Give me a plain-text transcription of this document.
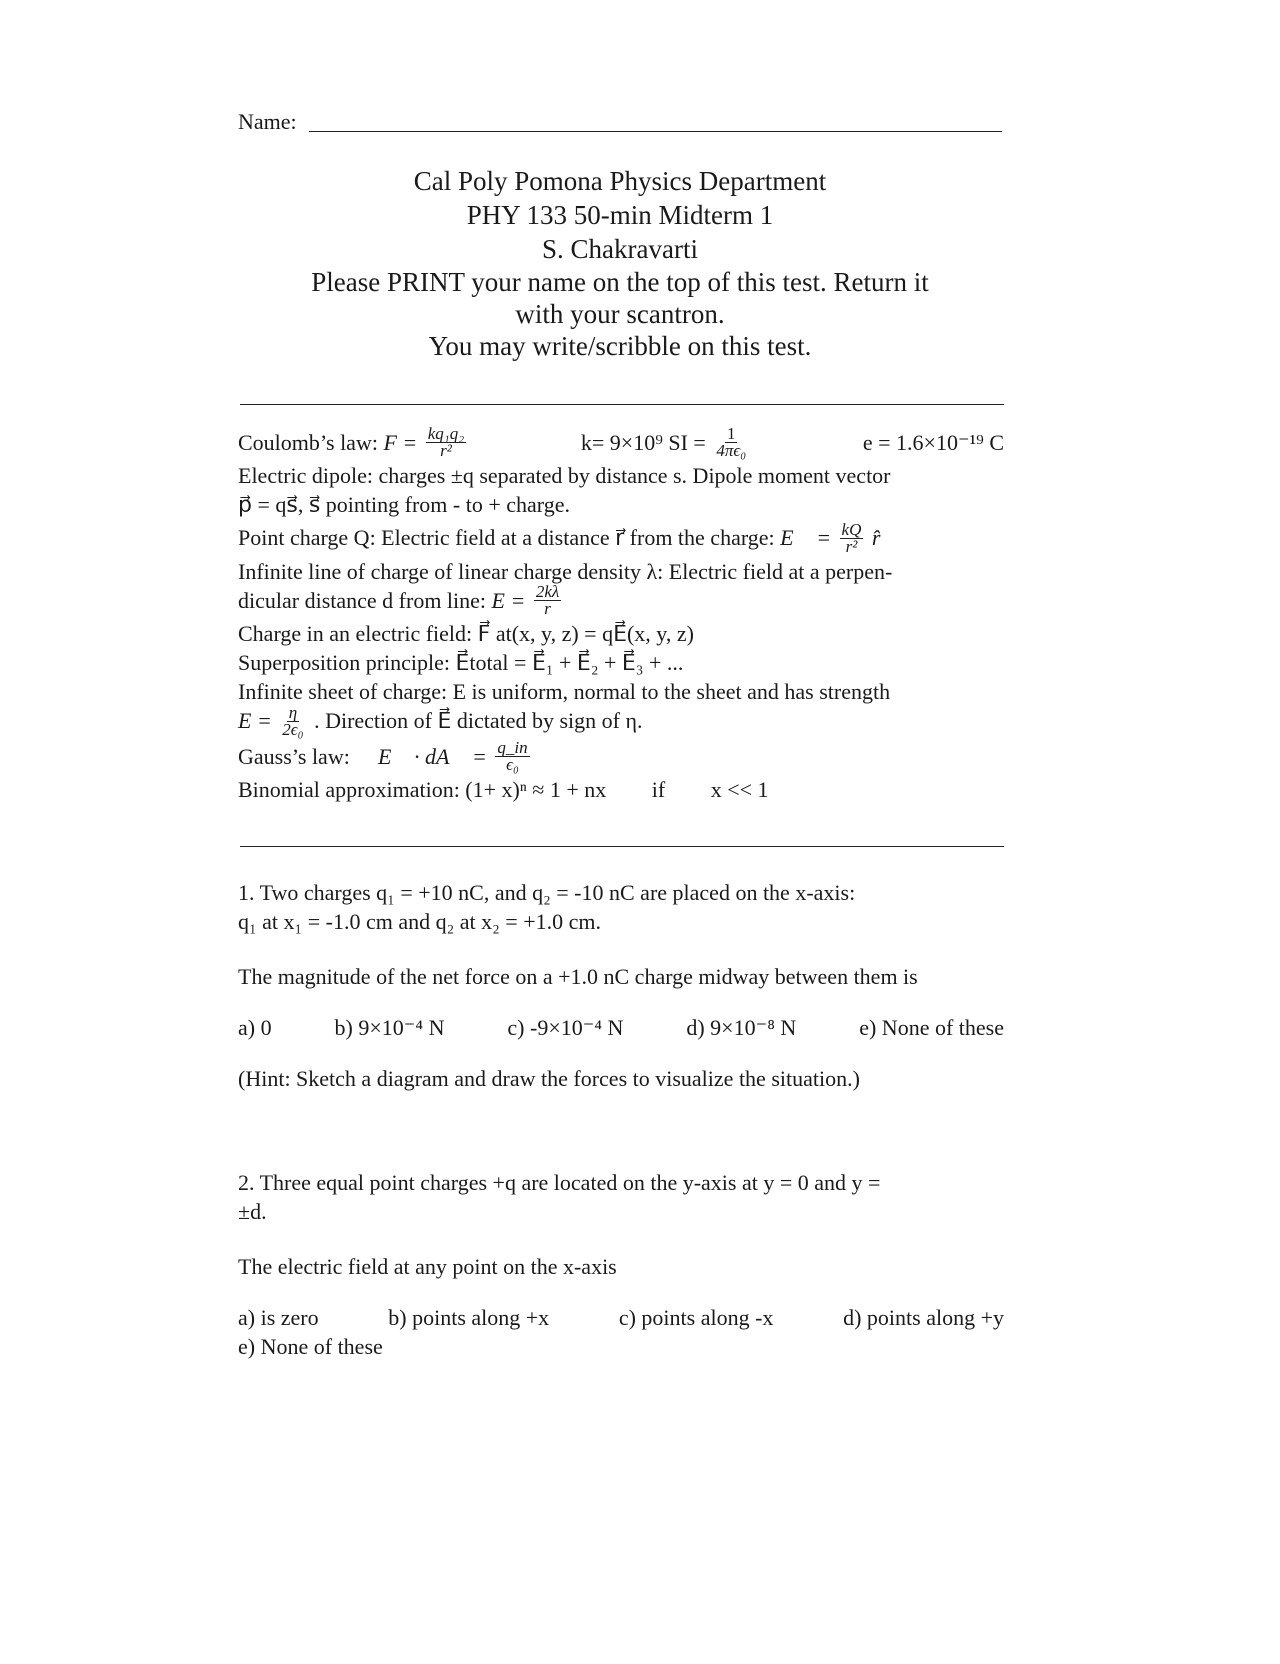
Name:
Cal Poly Pomona Physics Department
PHY 133 50-min Midterm 1
S. Chakravarti
Please PRINT your name on the top of this test. Return it
with your scantron.
You may write/scribble on this test.
Coulomb’s law: $F = \frac{\text{kq₁q₂}}{\text{r²}}$	k= 9×10⁹ SI = $\frac{1}{\text{4πϵ₀}}$	e = 1.6×10⁻¹⁹ C
Electric dipole: charges ±q separated by distance s. Dipole moment vector
p⃗ = qs⃗, s⃗ pointing from - to + charge.
Point charge Q: Electric field at a distance r⃗ from the charge: E⃗ = $\frac{kQ}{\text{r²}}$ r̂
Infinite line of charge of linear charge density λ: Electric field at a perpen-
dicular distance d from line: $E = \frac{2k\lambda}{r}$
Charge in an electric field: F⃗ at(x, y, z) = qE⃗(x, y, z)
Superposition principle: E⃗total = E⃗₁ + E⃗₂ + E⃗₃ + ...
Infinite sheet of charge: E is uniform, normal to the sheet and has strength
$E = \frac{\eta}{\text{2ϵ₀}}$ . Direction of E⃗ dictated by sign of η.
Gauss’s law: ∮ E⃗ · dA⃗ = $\frac{q\_in}{\text{ϵ₀}}$
Binomial approximation: (1+ x)ⁿ ≈ 1 + nx if x << 1
1. Two charges q₁ = +10 nC, and q₂ = -10 nC are placed on the x-axis:
q₁ at x₁ = -1.0 cm and q₂ at x₂ = +1.0 cm.
The magnitude of the net force on a +1.0 nC charge midway between them is
a) 0	b) 9×10⁻⁴ N	c) -9×10⁻⁴ N	d) 9×10⁻⁸ N	e) None of these
(Hint: Sketch a diagram and draw the forces to visualize the situation.)
2. Three equal point charges +q are located on the y-axis at y = 0 and y =
±d.
The electric field at any point on the x-axis
a) is zero	b) points along +x	c) points along -x	d) points along +y
e) None of these
